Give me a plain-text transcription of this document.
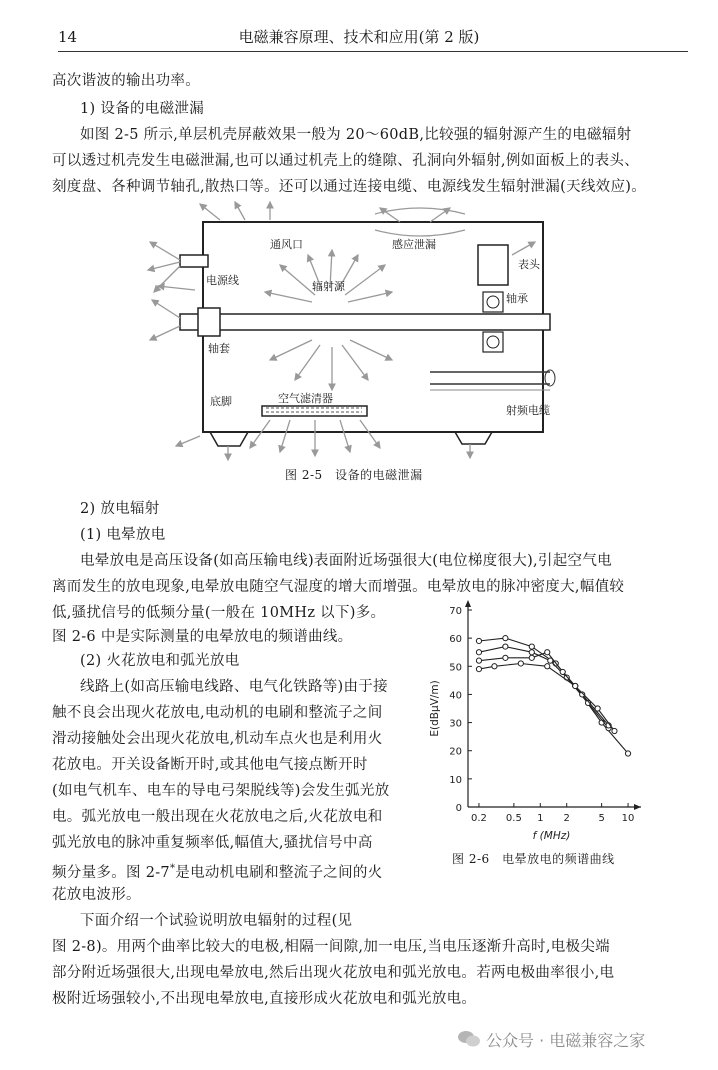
14	电磁兼容原理、技术和应用(第 2 版)
高次谐波的输出功率。
1) 设备的电磁泄漏
如图 2-5 所示,单层机壳屏蔽效果一般为 20～60dB,比较强的辐射源产生的电磁辐射
可以透过机壳发生电磁泄漏,也可以通过机壳上的缝隙、孔洞向外辐射,例如面板上的表头、
刻度盘、各种调节轴孔,散热口等。还可以通过连接电缆、电源线发生辐射泄漏(天线效应)。
通风口	感应泄漏
表头
电源线	辐射源
轴承
轴套
底脚	空气滤清器
射频电缆
图 2-5　设备的电磁泄漏
2) 放电辐射
(1) 电晕放电
电晕放电是高压设备(如高压输电线)表面附近场强很大(电位梯度很大),引起空气电
离而发生的放电现象,电晕放电随空气湿度的增大而增强。电晕放电的脉冲密度大,幅值较
低,骚扰信号的低频分量(一般在 10MHz 以下)多。
图 2-6 中是实际测量的电晕放电的频谱曲线。
(2) 火花放电和弧光放电
线路上(如高压输电线路、电气化铁路等)由于接
触不良会出现火花放电,电动机的电刷和整流子之间
滑动接触处会出现火花放电,机动车点火也是利用火
花放电。开关设备断开时,或其他电气接点断开时
(如电气机车、电车的导电弓架脱线等)会发生弧光放
电。弧光放电一般出现在火花放电之后,火花放电和
弧光放电的脉冲重复频率低,幅值大,骚扰信号中高
频分量多。图 2-7*是电动机电刷和整流子之间的火
花放电波形。
0
10
20
30
40
50
60
70
0.2 0.5 1 2	5 10
f (MHz)
E(dBμV/m)
图 2-6　电晕放电的频谱曲线
下面介绍一个试验说明放电辐射的过程(见
图 2-8)。用两个曲率比较大的电极,相隔一间隙,加一电压,当电压逐渐升高时,电极尖端
部分附近场强很大,出现电晕放电,然后出现火花放电和弧光放电。若两电极曲率很小,电
极附近场强较小,不出现电晕放电,直接形成火花放电和弧光放电。
公众号 · 电磁兼容之家
